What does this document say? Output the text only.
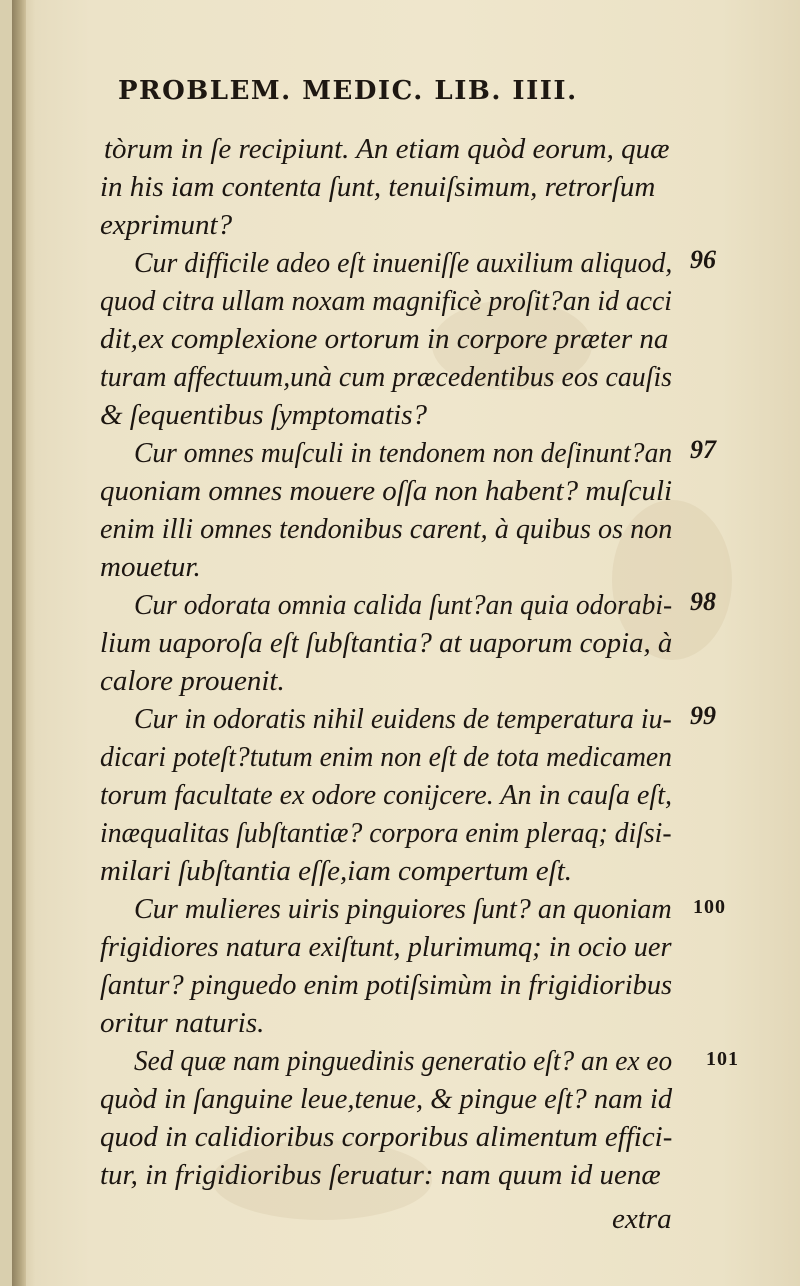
PROBLEM. MEDIC. LIB. IIII.
tòrum in ſe recipiunt. An etiam quòd eorum, quæ
in his iam contenta ſunt, tenuiſsimum, retrorſum
exprimunt?
Cur difficile adeo eſt inueniſſe auxilium aliquod,
quod citra ullam noxam magnificè proſit?an id acci
dit,ex complexione ortorum in corpore præter na
turam affectuum,unà cum præcedentibus eos cauſis
& ſequentibus ſymptomatis?
Cur omnes muſculi in tendonem non deſinunt?an
quoniam omnes mouere oſſa non habent? muſculi
enim illi omnes tendonibus carent, à quibus os non
mouetur.
Cur odorata omnia calida ſunt?an quia odorabi-
lium uaporoſa eſt ſubſtantia? at uaporum copia, à
calore prouenit.
Cur in odoratis nihil euidens de temperatura iu-
dicari poteſt?tutum enim non eſt de tota medicamen
torum facultate ex odore conijcere. An in cauſa eſt,
inæqualitas ſubſtantiæ? corpora enim pleraq; diſsi-
milari ſubſtantia eſſe,iam compertum eſt.
Cur mulieres uiris pinguiores ſunt? an quoniam
frigidiores natura exiſtunt, plurimumq; in ocio uer
ſantur? pinguedo enim potiſsimùm in frigidioribus
oritur naturis.
Sed quæ nam pinguedinis generatio eſt? an ex eo
quòd in ſanguine leue,tenue, & pingue eſt? nam id
quod in calidioribus corporibus alimentum effici-
tur, in frigidioribus ſeruatur: nam quum id uenæ
extra
96
97
98
99
100
101
